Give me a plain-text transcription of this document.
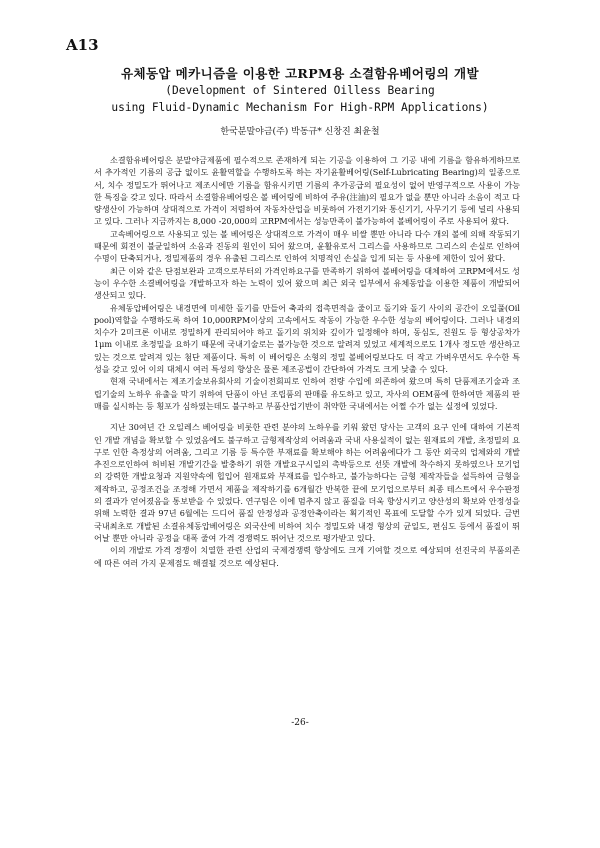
A13
유체동압 메카니즘을 이용한 고RPM용 소결함유베어링의 개발
(Development of Sintered Oilless Bearing
using Fluid-Dynamic Mechanism For High-RPM Applications)
한국분말야금(주) 박동규* 신창진 최윤철

소결함유베어링은 분말야금제품에 필수적으로 존재하게 되는 기공을 이용하여 그 기공 내에 기름을 함유하게하므로서 추가적인 기름의 공급 없이도 윤활역할을 수행하도록 하는 자기윤활베어링(Self-Lubricating Bearing)의 일종으로서, 치수 정밀도가 뛰어나고 제조시에만 기름을 함유시키면 기름의 추가공급의 필요성이 없어 반영구적으로 사용이 가능한 특징을 갖고 있다. 따라서 소결함유베어링은 볼 베어링에 비하여 주유(注油)의 필요가 없을 뿐만 아니라 소음이 적고 다량생산이 가능하며 상대적으로 가격이 저렴하여 자동차산업을 비롯하여 가전기기와 통신기기, 사무기기 등에 널리 사용되고 있다. 그러나 지금까지는 8,000 -20,000의 고RPM에서는 성능만족이 불가능하여 볼베어링이 주로 사용되어 왔다.

고속베어링으로 사용되고 있는 볼 베어링은 상대적으로 가격이 매우 비쌀 뿐만 아니라 다수 개의 볼에 의해 작동되기 때문에 회전이 불균일하여 소음과 진동의 원인이 되어 왔으며, 윤활유로서 그리스를 사용하므로 그리스의 손실로 인하여 수명이 단축되거나, 정밀제품의 경우 유출된 그리스로 인하여 치명적인 손실을 입게 되는 등 사용에 제한이 있어 왔다.

최근 이와 같은 단점보완과 고객으로부터의 가격인하요구를 만족하기 위하여 볼베어링을 대체하여 고RPM에서도 성능이 우수한 소결베어링을 개발하고자 하는 노력이 있어 왔으며 최근 외국 일부에서 유체동압을 이용한 제품이 개발되어 생산되고 있다.

유체동압베어링은 내경면에 미세한 돌기를 만들어 축과의 접촉면적을 줄이고 돌기와 돌기 사이의 공간이 오일풀(Oil pool)역할을 수행하도록 하여 10,000RPM이상의 고속에서도 작동이 가능한 우수한 성능의 베어링이다. 그러나 내경의 치수가 2미크론 이내로 정밀하게 관리되어야 하고 돌기의 위치와 깊이가 일정해야 하며, 동심도, 진원도 등 형상공차가 1μm 이내로 초정밀을 요하기 때문에 국내기술로는 불가능한 것으로 알려져 있었고 세계적으로도 1개사 정도만 생산하고 있는 것으로 알려져 있는 첨단 제품이다. 특히 이 베어링은 소형의 정밀 볼베어링보다도 더 작고 가벼우면서도 우수한 특성을 갖고 있어 이의 대체시 여러 특성의 향상은 물론 제조공법이 간단하여 가격도 크게 낮출 수 있다.

현재 국내에서는 제조기술보유회사의 기술이전회피로 인하여 전량 수입에 의존하여 왔으며 특히 단품제조기술과 조립기술의 노하우 유출을 막기 위하여 단품이 아닌 조립품의 판매를 유도하고 있고, 자사의 OEM품에 한하여만 제품의 판매를 실시하는 등 횡포가 심하였는데도 불구하고 부품산업기반이 취약한 국내에서는 어쩔 수가 없는 실정에 있었다.

지난 30여년 간 오일레스 베어링을 비롯한 관련 분야의 노하우를 키워 왔던 당사는 고객의 요구 인에 대하여 기본적인 개발 개념을 확보할 수 있었음에도 불구하고 금형제작상의 어려움과 국내 사용실적이 없는 원재료의 개발, 초정밀의 요구로 인한 측정상의 어려움, 그리고 기름 등 특수한 부재료를 확보해야 하는 어려움에다가 그 동안 외국의 업체와의 개발추진으로인하여 허비된 개발기간을 발충하기 위한 개발요구시일의 촉박등으로 선뜻 개발에 착수하지 못하였으나 모기업의 강력한 개발요청과 지원약속에 힙입어 원재료와 부재료를 입수하고, 불가능하다는 금형 제작자들을 설득하여 금형을 제작하고, 공정조건을 조정해 가면서 제품을 제작하기를 6개월간 반복한 끝에 모기업으로부터 최종 테스트에서 우수판정의 결과가 얻어졌음을 통보받을 수 있었다. 연구팀은 이에 멈추지 않고 품질을 더욱 향상시키고 양산성의 확보와 안정성을 위해 노력한 결과 97년 6월에는 드디어 품질 안정성과 공정안축이라는 획기적인 목표에 도달할 수가 있게 되었다. 금번 국내최초로 개발된 소결유체동압베어링은 외국산에 비하여 치수 정밀도와 내경 형상의 균일도, 편심도 등에서 품질이 뛰어날 뿐만 아니라 공정을 대폭 줄여 가격 경쟁력도 뛰어난 것으로 평가받고 있다.

이의 개발로 가격 경쟁이 치열한 관련 산업의 국제경쟁력 향상에도 크게 기여할 것으로 예상되며 선진국의 부품의존에 따른 여러 가지 문제점도 해결될 것으로 예상된다.

-26-
